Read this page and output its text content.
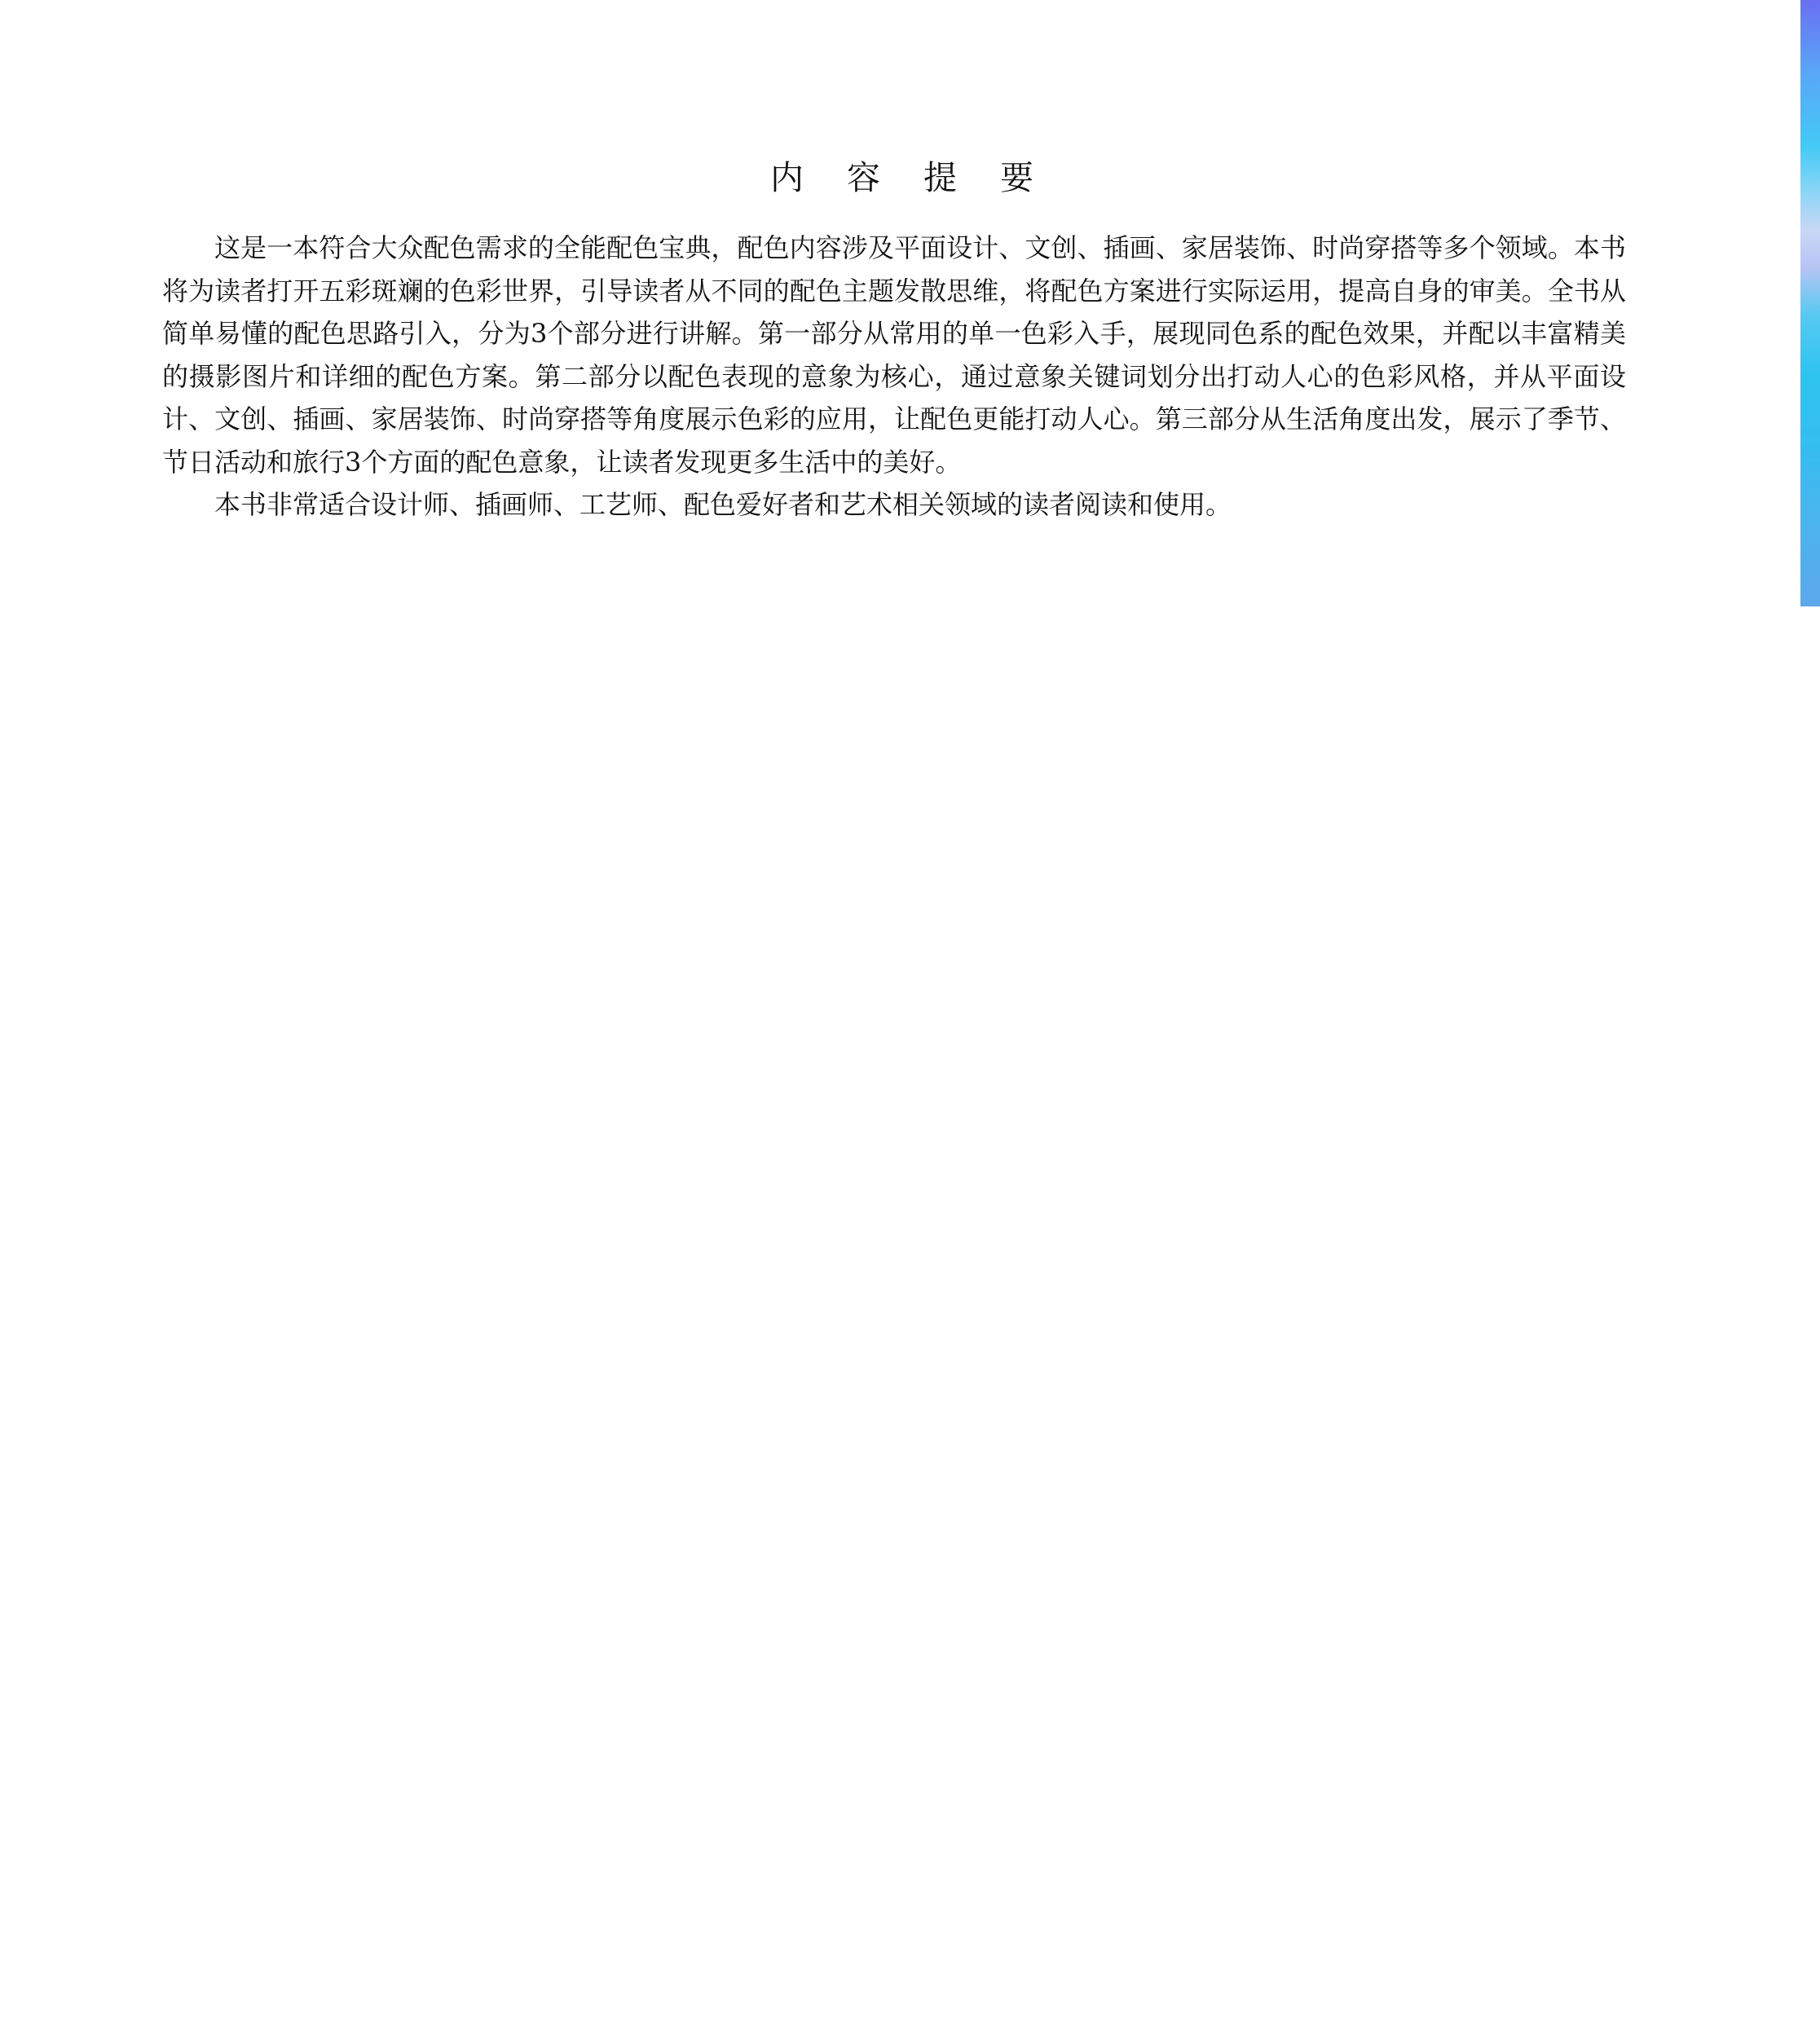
内 容 提 要

这是一本符合大众配色需求的全能配色宝典，配色内容涉及平面设计、文创、插画、家居装饰、时尚穿搭等多个领域。本书将为读者打开五彩斑斓的色彩世界，引导读者从不同的配色主题发散思维，将配色方案进行实际运用，提高自身的审美。全书从简单易懂的配色思路引入，分为3个部分进行讲解。第一部分从常用的单一色彩入手，展现同色系的配色效果，并配以丰富精美的摄影图片和详细的配色方案。第二部分以配色表现的意象为核心，通过意象关键词划分出打动人心的色彩风格，并从平面设计、文创、插画、家居装饰、时尚穿搭等角度展示色彩的应用，让配色更能打动人心。第三部分从生活角度出发，展示了季节、节日活动和旅行3个方面的配色意象，让读者发现更多生活中的美好。

本书非常适合设计师、插画师、工艺师、配色爱好者和艺术相关领域的读者阅读和使用。
